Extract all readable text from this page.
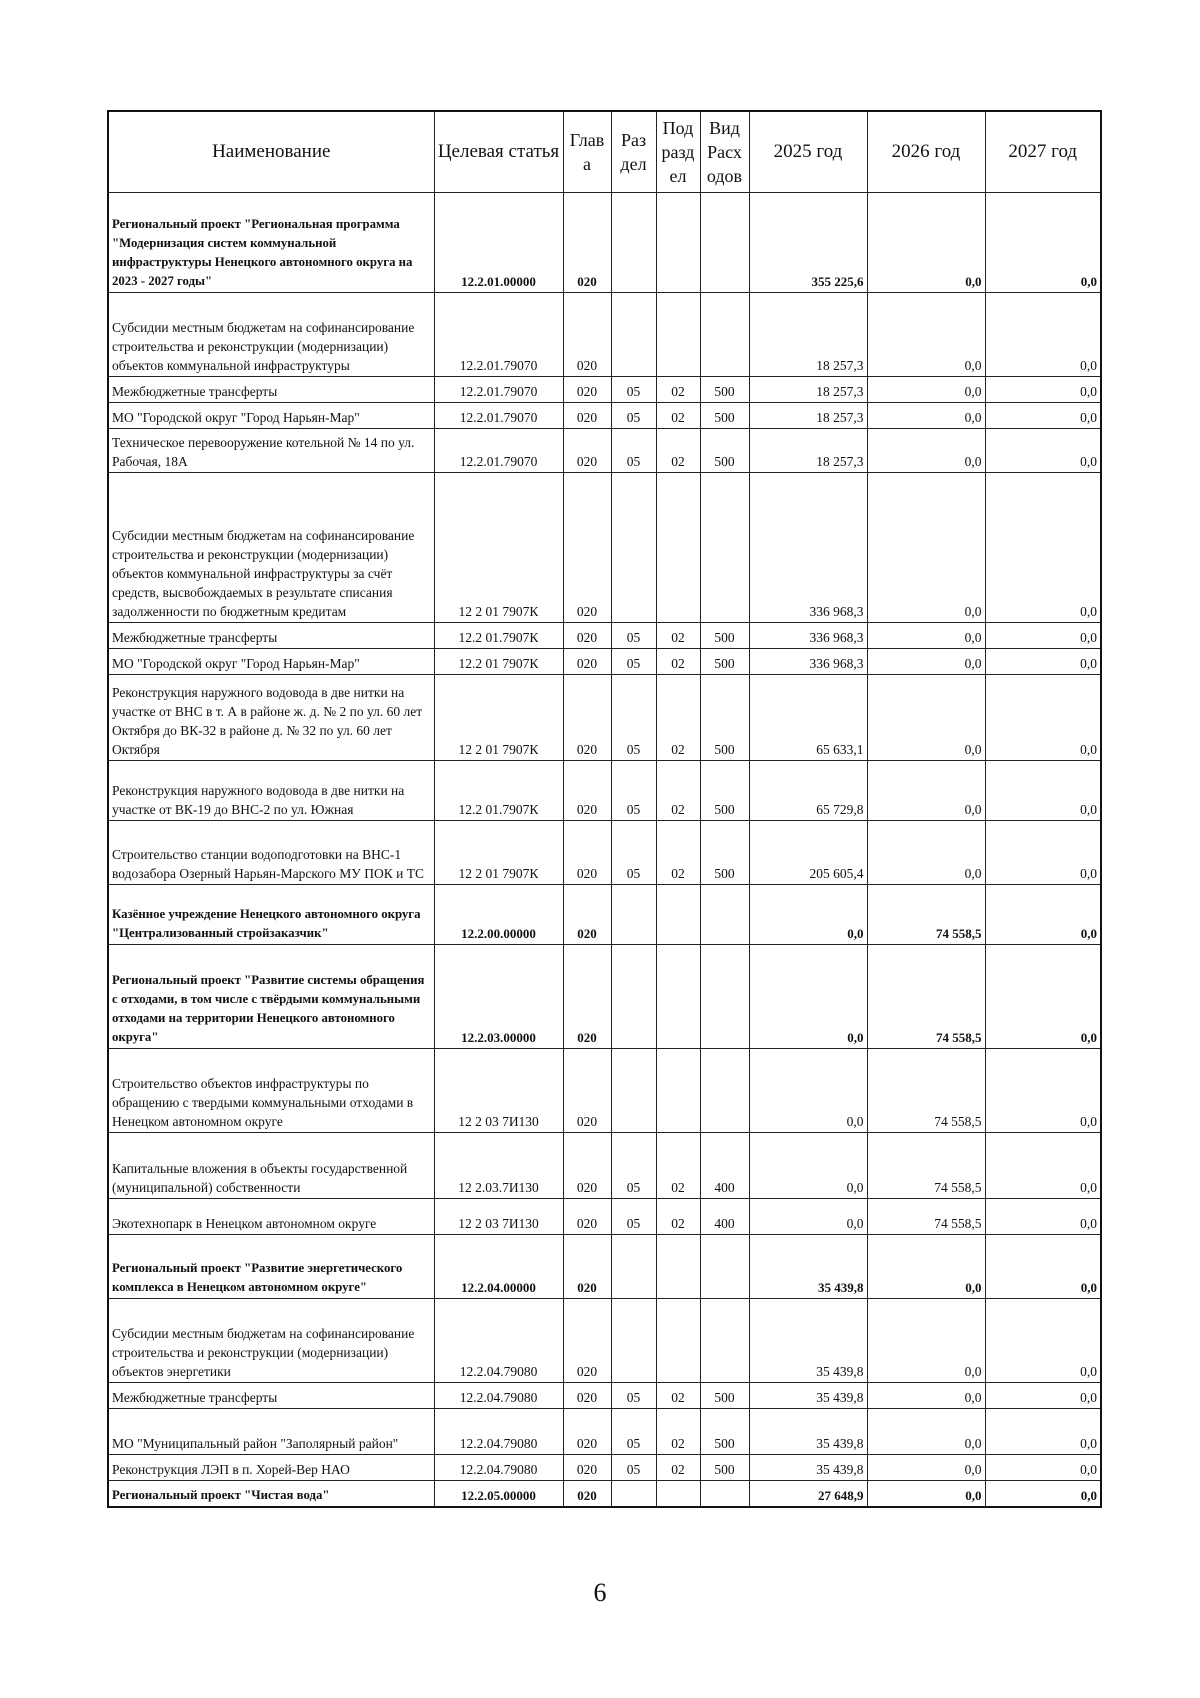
Наименование	Целевая статья	Глав а	Раз дел	Под разд ел	Вид Расх одов	2025 год	2026 год	2027 год
Региональный проект "Региональная программа "Модернизация систем коммунальной инфраструктуры Ненецкого автономного округа на 2023 - 2027 годы"	12.2.01.00000	020				355 225,6	0,0	0,0
Субсидии местным бюджетам на софинансирование строительства и реконструкции (модернизации) объектов коммунальной инфраструктуры	12.2.01.79070	020				18 257,3	0,0	0,0
Межбюджетные трансферты	12.2.01.79070	020	05	02	500	18 257,3	0,0	0,0
МО "Городской округ "Город Нарьян-Мар"	12.2.01.79070	020	05	02	500	18 257,3	0,0	0,0
Техническое перевооружение котельной № 14 по ул. Рабочая, 18А	12.2.01.79070	020	05	02	500	18 257,3	0,0	0,0
Субсидии местным бюджетам на софинансирование строительства и реконструкции (модернизации) объектов коммунальной инфраструктуры за счёт средств, высвобождаемых в результате списания задолженности по бюджетным кредитам	12 2 01 7907К	020				336 968,3	0,0	0,0
Межбюджетные трансферты	12.2 01.7907К	020	05	02	500	336 968,3	0,0	0,0
МО "Городской округ "Город Нарьян-Мар"	12.2 01 7907К	020	05	02	500	336 968,3	0,0	0,0
Реконструкция наружного водовода в две нитки на участке от ВНС в т. А в районе ж. д. № 2 по ул. 60 лет Октября до ВК-32 в районе д. № 32 по ул. 60 лет Октября	12 2 01 7907К	020	05	02	500	65 633,1	0,0	0,0
Реконструкция наружного водовода в две нитки на участке от ВК-19 до ВНС-2 по ул. Южная	12.2 01.7907К	020	05	02	500	65 729,8	0,0	0,0
Строительство станции водоподготовки на ВНС-1 водозабора Озерный Нарьян-Марского МУ ПОК и ТС	12 2 01 7907К	020	05	02	500	205 605,4	0,0	0,0
Казённое учреждение Ненецкого автономного округа "Централизованный стройзаказчик"	12.2.00.00000	020				0,0	74 558,5	0,0
Региональный проект "Развитие системы обращения с отходами, в том числе с твёрдыми коммунальными отходами на территории Ненецкого автономного округа"	12.2.03.00000	020				0,0	74 558,5	0,0
Строительство объектов инфраструктуры по обращению с твердыми коммунальными отходами в Ненецком автономном округе	12 2 03 7И130	020				0,0	74 558,5	0,0
Капитальные вложения в объекты государственной (муниципальной) собственности	12 2.03.7И130	020	05	02	400	0,0	74 558,5	0,0
Экотехнопарк в Ненецком автономном округе	12 2 03 7И130	020	05	02	400	0,0	74 558,5	0,0
Региональный проект "Развитие энергетического комплекса в Ненецком автономном округе"	12.2.04.00000	020				35 439,8	0,0	0,0
Субсидии местным бюджетам на софинансирование строительства и реконструкции (модернизации) объектов энергетики	12.2.04.79080	020				35 439,8	0,0	0,0
Межбюджетные трансферты	12.2.04.79080	020	05	02	500	35 439,8	0,0	0,0
МО "Муниципальный район "Заполярный район"	12.2.04.79080	020	05	02	500	35 439,8	0,0	0,0
Реконструкция ЛЭП в п. Хорей-Вер НАО	12.2.04.79080	020	05	02	500	35 439,8	0,0	0,0
Региональный проект "Чистая вода"	12.2.05.00000	020				27 648,9	0,0	0,0
6
